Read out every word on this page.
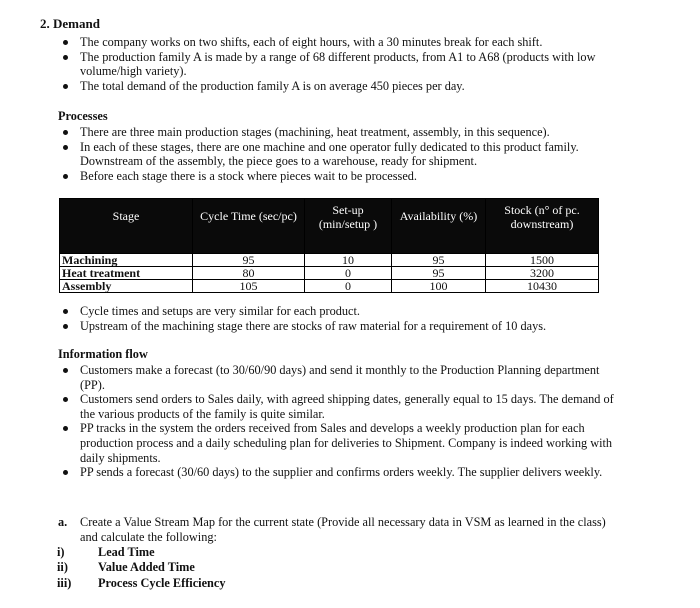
2. Demand
The company works on two shifts, each of eight hours, with a 30 minutes break for each shift.
The production family A is made by a range of 68 different products, from A1 to A68 (products with low volume/high variety).
The total demand of the production family A is on average 450 pieces per day.
Processes
There are three main production stages (machining, heat treatment, assembly, in this sequence).
In each of these stages, there are one machine and one operator fully dedicated to this product family. Downstream of the assembly, the piece goes to a warehouse, ready for shipment.
Before each stage there is a stock where pieces wait to be processed.
Stage	Cycle Time (sec/pc)	Set-up (min/setup )	Availability (%)	Stock (n° of pc. downstream)
Machining	95	10	95	1500
Heat treatment	80	0	95	3200
Assembly	105	0	100	10430
Cycle times and setups are very similar for each product.
Upstream of the machining stage there are stocks of raw material for a requirement of 10 days.
Information flow
Customers make a forecast (to 30/60/90 days) and send it monthly to the Production Planning department (PP).
Customers send orders to Sales daily, with agreed shipping dates, generally equal to 15 days. The demand of the various products of the family is quite similar.
PP tracks in the system the orders received from Sales and develops a weekly production plan for each production process and a daily scheduling plan for deliveries to Shipment. Company is indeed working with daily shipments.
PP sends a forecast (30/60 days) to the supplier and confirms orders weekly. The supplier delivers weekly.
a.	Create a Value Stream Map for the current state (Provide all necessary data in VSM as learned in the class) and calculate the following:
i)	Lead Time
ii) Value Added Time
iii) Process Cycle Efficiency
